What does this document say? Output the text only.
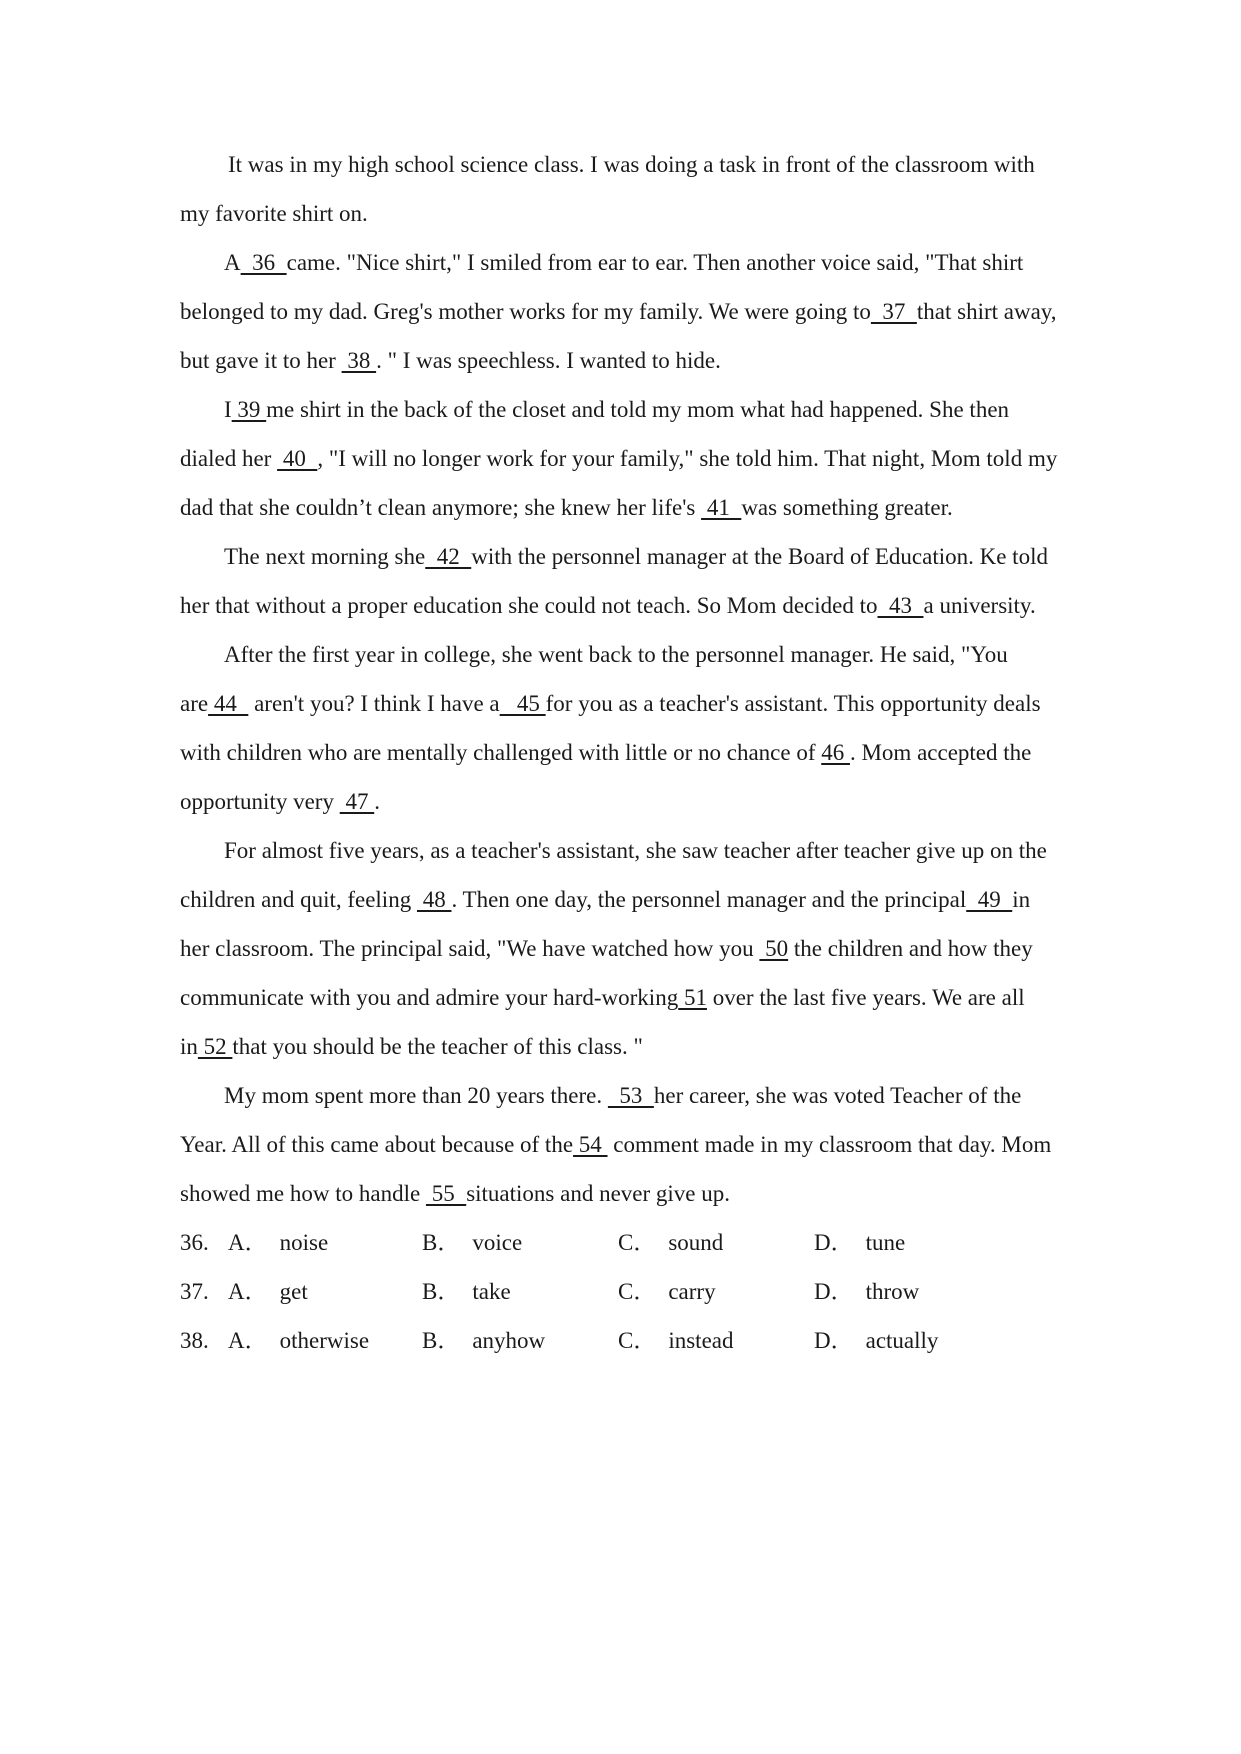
It was in my high school science class. I was doing a task in front of the classroom with my favorite shirt on.

A  36  came. "Nice shirt," I smiled from ear to ear. Then another voice said, "That shirt belonged to my dad. Greg's mother works for my family. We were going to  37  that shirt away, but gave it to her  38 . " I was speechless. I wanted to hide.

I 39 me shirt in the back of the closet and told my mom what had happened. She then dialed her  40  , "I will no longer work for your family," she told him. That night, Mom told my dad that she couldn’t clean anymore; she knew her life's  41  was something greater.

The next morning she  42  with the personnel manager at the Board of Education. Ke told her that without a proper education she could not teach. So Mom decided to  43  a university.

After the first year in college, she went back to the personnel manager. He said, "You are 44   aren't you? I think I have a   45 for you as a teacher's assistant. This opportunity deals with children who are mentally challenged with little or no chance of 46 . Mom accepted the opportunity very  47 .

For almost five years, as a teacher's assistant, she saw teacher after teacher give up on the children and quit, feeling  48 . Then one day, the personnel manager and the principal  49  in her classroom. The principal said, "We have watched how you  50 the children and how they communicate with you and admire your hard-working 51 over the last five years. We are all in 52 that you should be the teacher of this class. "

My mom spent more than 20 years there.   53  her career, she was voted Teacher of the Year. All of this came about because of the 54  comment made in my classroom that day. Mom showed me how to handle  55  situations and never give up.

36. A． noise	B． voice	C． sound	D． tune
37. A． get	B． take	C． carry	D． throw
38. A． otherwise	B． anyhow	C． instead	D． actually
